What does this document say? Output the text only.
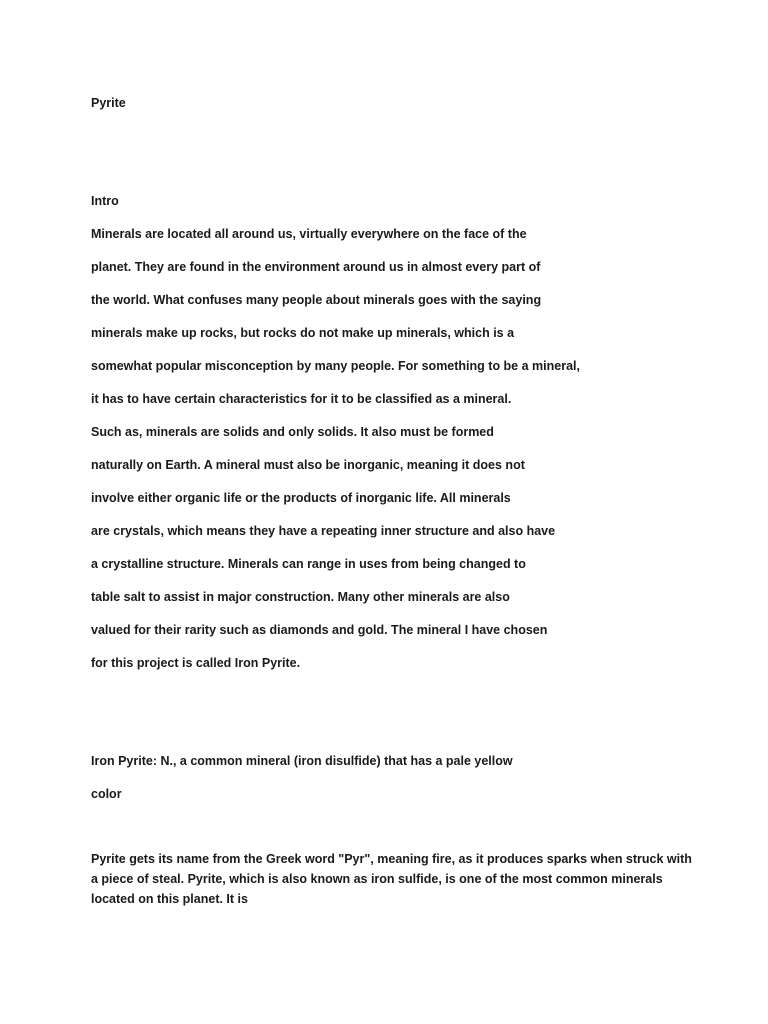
Pyrite
Intro
Minerals are located all around us, virtually everywhere on the face of the
planet. They are found in the environment around us in almost every part of
the world. What confuses many people about minerals goes with the saying
minerals make up rocks, but rocks do not make up minerals, which is a
somewhat popular misconception by many people. For something to be a mineral,
it has to have certain characteristics for it to be classified as a mineral.
Such as, minerals are solids and only solids. It also must be formed
naturally on Earth. A mineral must also be inorganic, meaning it does not
involve either organic life or the products of inorganic life. All minerals
are crystals, which means they have a repeating inner structure and also have
a crystalline structure. Minerals can range in uses from being changed to
table salt to assist in major construction. Many other minerals are also
valued for their rarity such as diamonds and gold. The mineral I have chosen
for this project is called Iron Pyrite.
Iron Pyrite: N., a common mineral (iron disulfide) that has a pale yellow
color
Pyrite gets its name from the Greek word "Pyr", meaning fire, as it produces sparks when struck with
a piece of steal. Pyrite, which is also known as iron sulfide, is one of the most common minerals
located on this planet. It is
